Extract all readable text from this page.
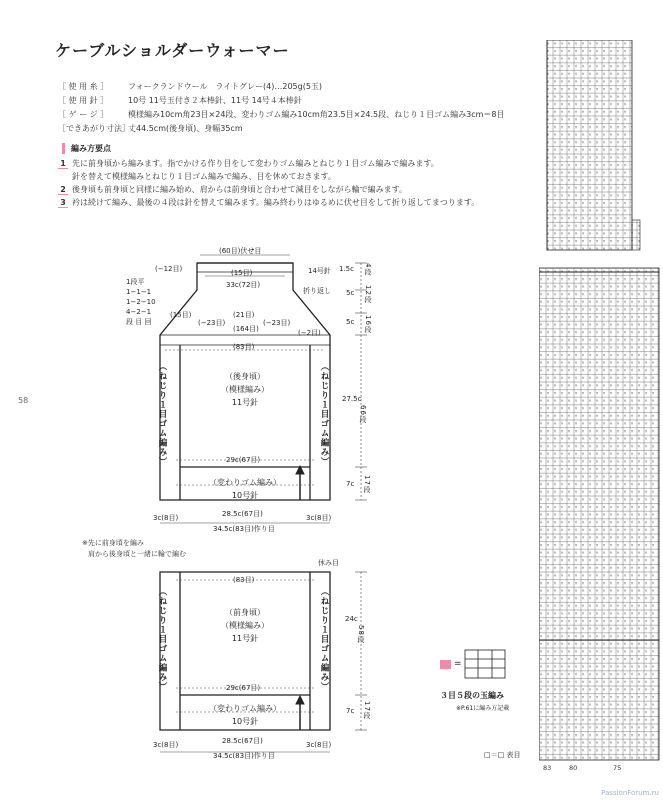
ケーブルショルダーウォーマー
［ 使 用 糸 ］ フォークランドウール　ライトグレー(4)…205g(5玉)
［ 使 用 針 ］ 10号 11号玉付き２本棒針、11号 14号４本棒針
［ ゲ ー ジ ］ 模様編み10cm角23目×24段、変わりゴム編み10cm角23.5目×24.5段、ねじり１目ゴム編み3cm＝8目
［できあがり寸法］丈44.5cm(後身頃)、身幅35cm
編み方要点
1 先に前身頃から編みます。指でかける作り目をして変わりゴム編みとねじり１目ゴム編みで編みます。
針を替えて模様編みとねじり１目ゴム編みで編み、目を休めておきます。
2 後身頃も前身頃と同様に編み始め、肩からは前身頃と合わせて減目をしながら輪で編みます。
3 衿は続けて編み、最後の４段は針を替えて編みます。編み終わりはゆるめに伏せ目をして折り返してまつります。
58
(60目)伏せ目
(−12目)	(15目)
33c(72目)
14号針
折り返し
(15目)	(21目)
(−23目)	(−23目)
(164目)	(−2目)
(83目)
1段平
1−1−1
1−2−10
4−2−1
段 目 回
（後身頃）
（模様編み）
11号針
（ねじり１目ゴム編み）	（ねじり１目ゴム編み）
29c(67目)
（変わりゴム編み）
10号針
3c(8目)	28.5c(67目)	3c(8目)
34.5c(83目)作り目
1.5c 4段
5c 12段
5c 16段
27.5c
66段
7c 17段
※先に前身頃を編み
肩から後身頃と一緒に輪で編む
休み目
(83目)
（前身頃）
（模様編み）
11号針
（ねじり１目ゴム編み）	（ねじり１目ゴム編み）
29c(67目)
（変わりゴム編み）
10号針
3c(8目)	28.5c(67目)	3c(8目)
34.5c(83目)作り目
24c
58段
7c 17段
=
３目５段の玉編み
※P.61に編み方記載
83	80	75
□＝□ 表目
PassionForum.ru
